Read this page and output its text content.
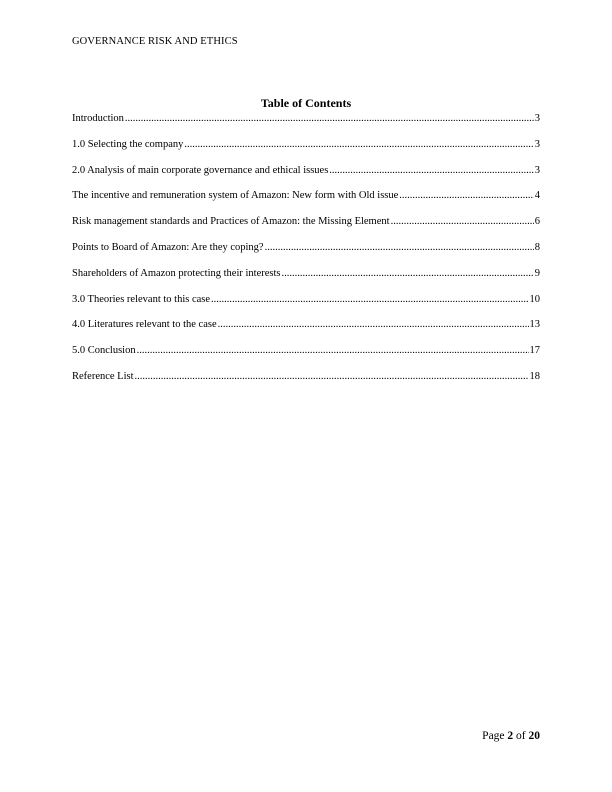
GOVERNANCE RISK AND ETHICS
Table of Contents
Introduction .....	3
1.0 Selecting the company .....	3
2.0 Analysis of main corporate governance and ethical issues .....	3
The incentive and remuneration system of Amazon: New form with Old issue .....	4
Risk management standards and Practices of Amazon: the Missing Element .....	6
Points to Board of Amazon: Are they coping? .....	8
Shareholders of Amazon protecting their interests .....	9
3.0 Theories relevant to this case .....	10
4.0 Literatures relevant to the case .....	13
5.0 Conclusion .....	17
Reference List .....	18
Page 2 of 20
